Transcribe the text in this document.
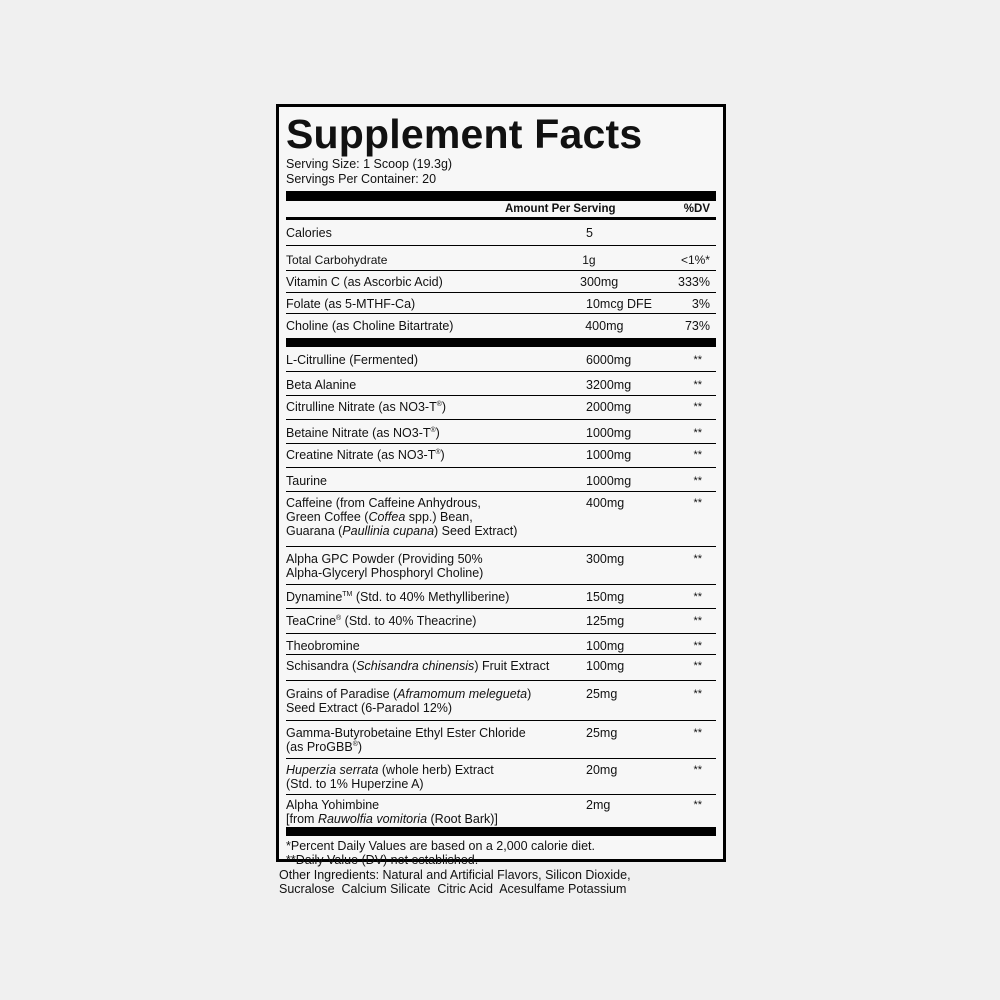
Supplement Facts
Serving Size: 1 Scoop (19.3g)
Servings Per Container: 20
Amount Per Serving	%DV
Calories	5
Total Carbohydrate	1g	<1%*
Vitamin C (as Ascorbic Acid)	300mg	333%
Folate (as 5-MTHF-Ca)	10mcg DFE	3%
Choline (as Choline Bitartrate)	400mg	73%
L-Citrulline (Fermented)	6000mg	**
Beta Alanine	3200mg	**
Citrulline Nitrate (as NO3-T®)	2000mg	**
Betaine Nitrate (as NO3-T®)	1000mg	**
Creatine Nitrate (as NO3-T®)	1000mg	**
Taurine	1000mg	**
Caffeine (from Caffeine Anhydrous,
Green Coffee (Coffea spp.) Bean,
Guarana (Paullinia cupana) Seed Extract)
400mg	**
Alpha GPC Powder (Providing 50%
Alpha-Glyceryl Phosphoryl Choline)
300mg	**
Dynamine™ (Std. to 40% Methylliberine)	150mg	**
TeaCrine® (Std. to 40% Theacrine)	125mg	**
Theobromine	100mg	**
Schisandra (Schisandra chinensis) Fruit Extract	100mg	**
Grains of Paradise (Aframomum melegueta)
Seed Extract (6-Paradol 12%)
25mg	**
Gamma-Butyrobetaine Ethyl Ester Chloride
(as ProGBB®)
25mg	**
Huperzia serrata (whole herb) Extract
(Std. to 1% Huperzine A)
20mg	**
Alpha Yohimbine
[from Rauwolfia vomitoria (Root Bark)]
2mg	**
*Percent Daily Values are based on a 2,000 calorie diet.
**Daily Value (DV) not established.
Other Ingredients: Natural and Artificial Flavors, Silicon Dioxide,
Sucralose  Calcium Silicate  Citric Acid  Acesulfame Potassium
